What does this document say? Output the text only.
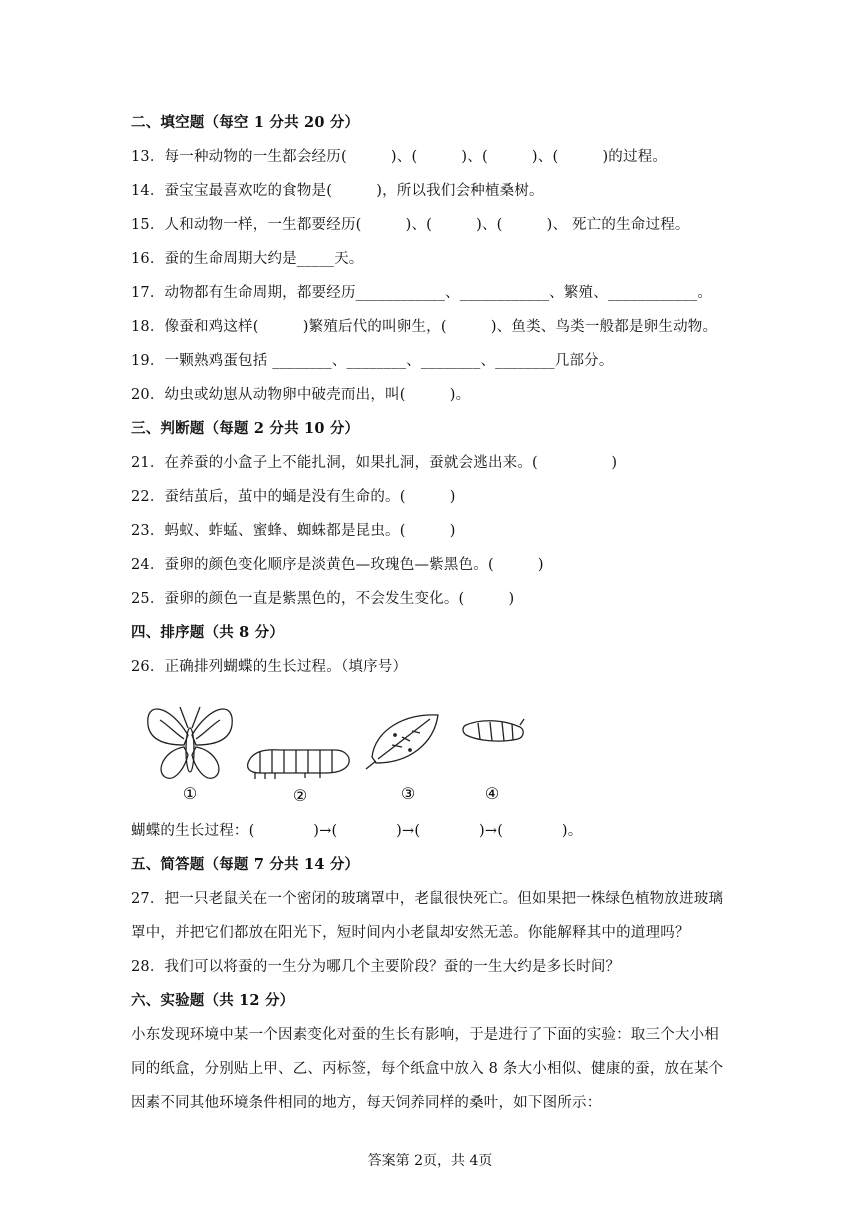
二、填空题（每空 1 分共 20 分）
13．每一种动物的一生都会经历(　　　)、(　　　)、(　　　)、(　　　)的过程。
14．蚕宝宝最喜欢吃的食物是(　　　)，所以我们会种植桑树。
15．人和动物一样，一生都要经历(　　　)、(　　　)、(　　　)、 死亡的生命过程。
16．蚕的生命周期大约是_____天。
17．动物都有生命周期，都要经历____________、____________、繁殖、____________。
18．像蚕和鸡这样(　　　)繁殖后代的叫卵生，(　　　)、鱼类、鸟类一般都是卵生动物。
19．一颗熟鸡蛋包括 ________、________、________、________几部分。
20．幼虫或幼崽从动物卵中破壳而出，叫(　　　)。
三、判断题（每题 2 分共 10 分）
21．在养蚕的小盒子上不能扎洞，如果扎洞，蚕就会逃出来。(　　　　　)
22．蚕结茧后，茧中的蛹是没有生命的。(　　　)
23．蚂蚁、蚱蜢、蜜蜂、蜘蛛都是昆虫。(　　　)
24．蚕卵的颜色变化顺序是淡黄色—玫瑰色—紫黑色。(　　　)
25．蚕卵的颜色一直是紫黑色的，不会发生变化。(　　　)
四、排序题（共 8 分）
26．正确排列蝴蝶的生长过程。（填序号）
①	②	③	④
蝴蝶的生长过程：(　　　　)→(　　　　)→(　　　　)→(　　　　)。
五、简答题（每题 7 分共 14 分）
27．把一只老鼠关在一个密闭的玻璃罩中，老鼠很快死亡。但如果把一株绿色植物放进玻璃
罩中，并把它们都放在阳光下，短时间内小老鼠却安然无恙。你能解释其中的道理吗？
28．我们可以将蚕的一生分为哪几个主要阶段？蚕的一生大约是多长时间？
六、实验题（共 12 分）
小东发现环境中某一个因素变化对蚕的生长有影响，于是进行了下面的实验：取三个大小相
同的纸盒，分别贴上甲、乙、丙标签，每个纸盒中放入 8 条大小相似、健康的蚕，放在某个
因素不同其他环境条件相同的地方，每天饲养同样的桑叶，如下图所示：
答案第 2页，共 4页
